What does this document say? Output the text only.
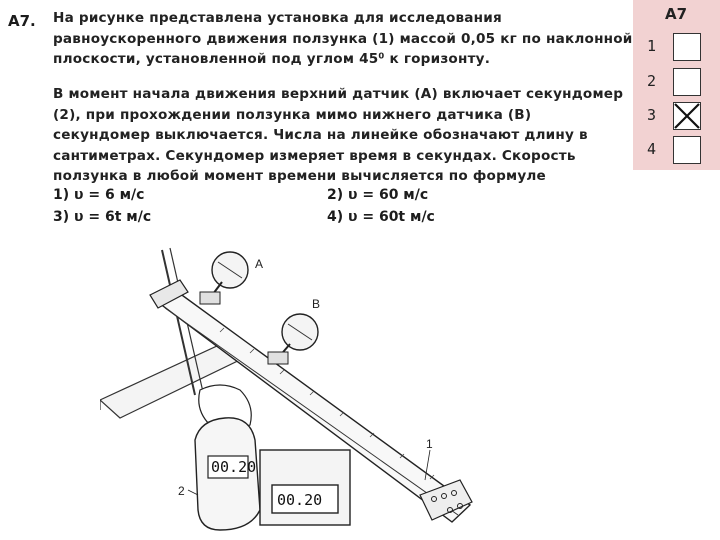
А7. На рисунке представлена установка для исследования равноускоренного движения ползунка (1) массой 0,05 кг по наклонной плоскости, установленной под углом 45⁰ к горизонту.
В момент начала движения верхний датчик (А) включает секундомер (2), при прохождении ползунка мимо нижнего датчика (В) секундомер выключается. Числа на линейке обозначают длину в сантиметрах. Секундомер измеряет время в секундах. Скорость ползунка в любой момент времени вычисляется по формуле
1) υ = 6 м/с	2) υ = 60 м/с
3) υ = 6t м/с	4) υ = 60t м/с
А7
1
2
3
4
A
B
1
00.20
2	00.20
